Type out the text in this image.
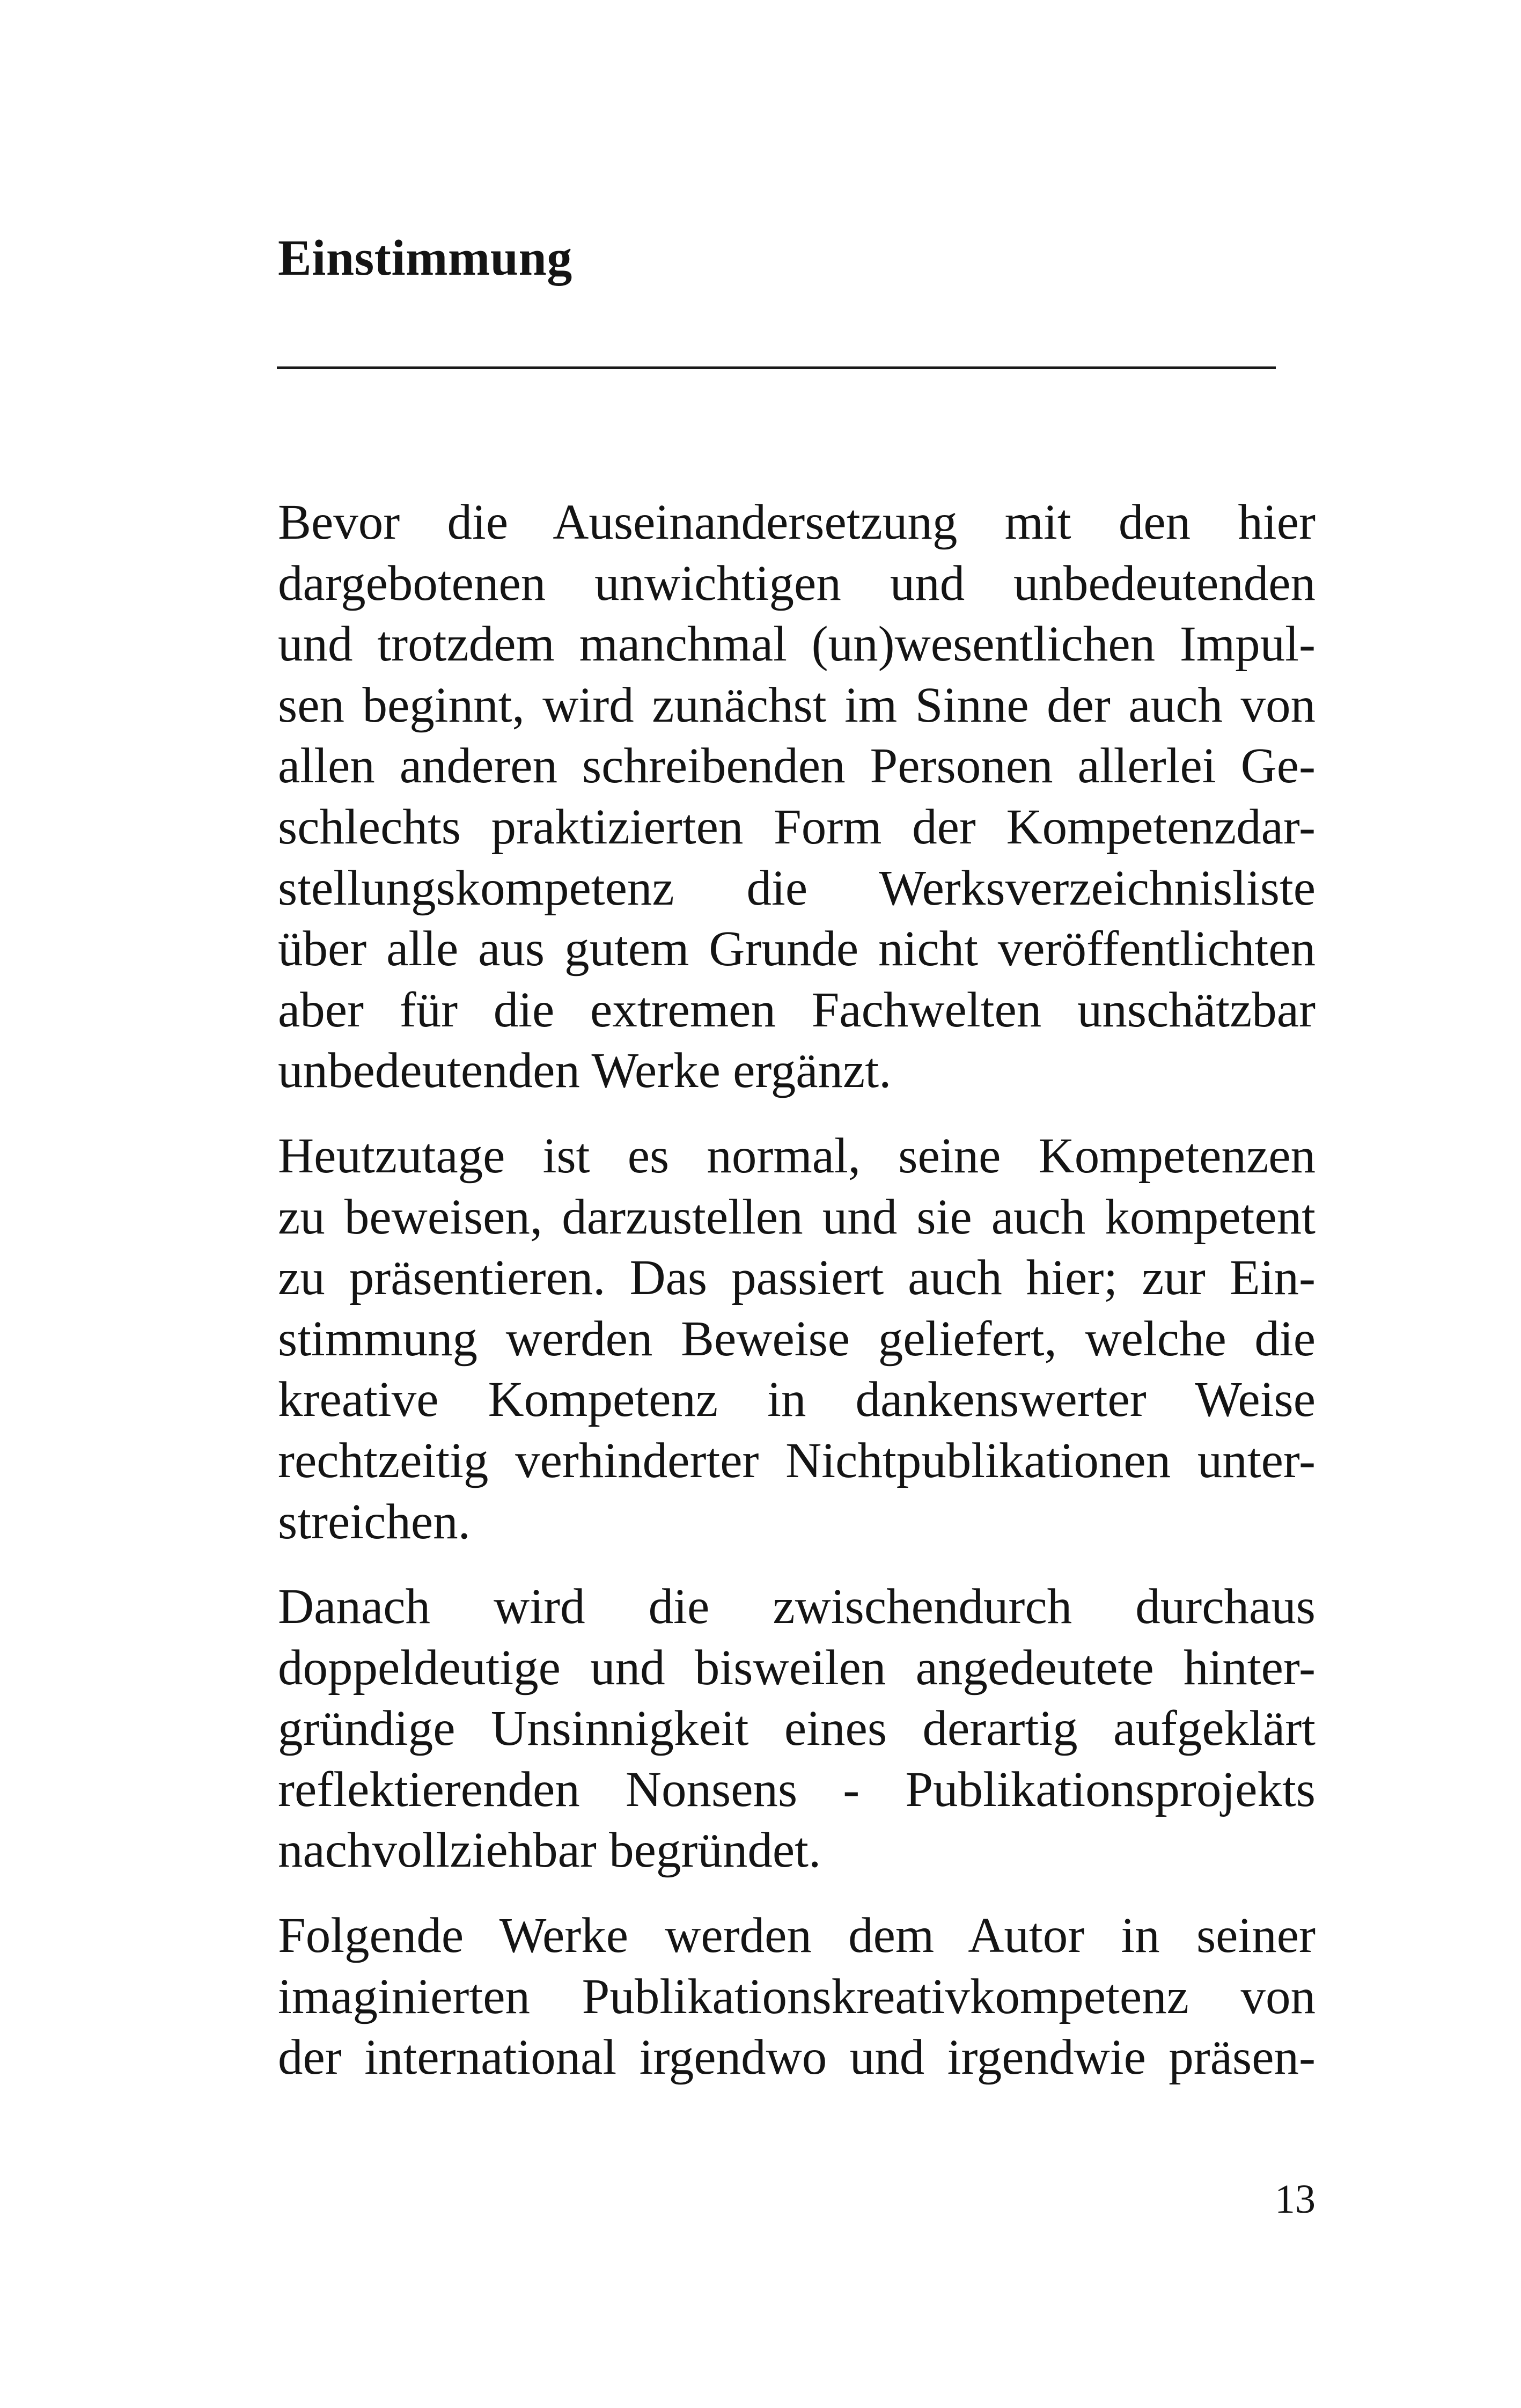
Einstimmung

Bevor die Auseinandersetzung mit den hier
dargebotenen unwichtigen und unbedeutenden
und trotzdem manchmal (un)wesentlichen Impul-
sen beginnt, wird zunächst im Sinne der auch von
allen anderen schreibenden Personen allerlei Ge-
schlechts praktizierten Form der Kompetenzdar-
stellungskompetenz die Werksverzeichnisliste
über alle aus gutem Grunde nicht veröffentlichten
aber für die extremen Fachwelten unschätzbar
unbedeutenden Werke ergänzt.

Heutzutage ist es normal, seine Kompetenzen
zu beweisen, darzustellen und sie auch kompetent
zu präsentieren. Das passiert auch hier; zur Ein-
stimmung werden Beweise geliefert, welche die
kreative Kompetenz in dankenswerter Weise
rechtzeitig verhinderter Nichtpublikationen unter-
streichen.

Danach wird die zwischendurch durchaus
doppeldeutige und bisweilen angedeutete hinter-
gründige Unsinnigkeit eines derartig aufgeklärt
reflektierenden Nonsens - Publikationsprojekts
nachvollziehbar begründet.

Folgende Werke werden dem Autor in seiner
imaginierten Publikationskreativkompetenz von
der international irgendwo und irgendwie präsen-

13
